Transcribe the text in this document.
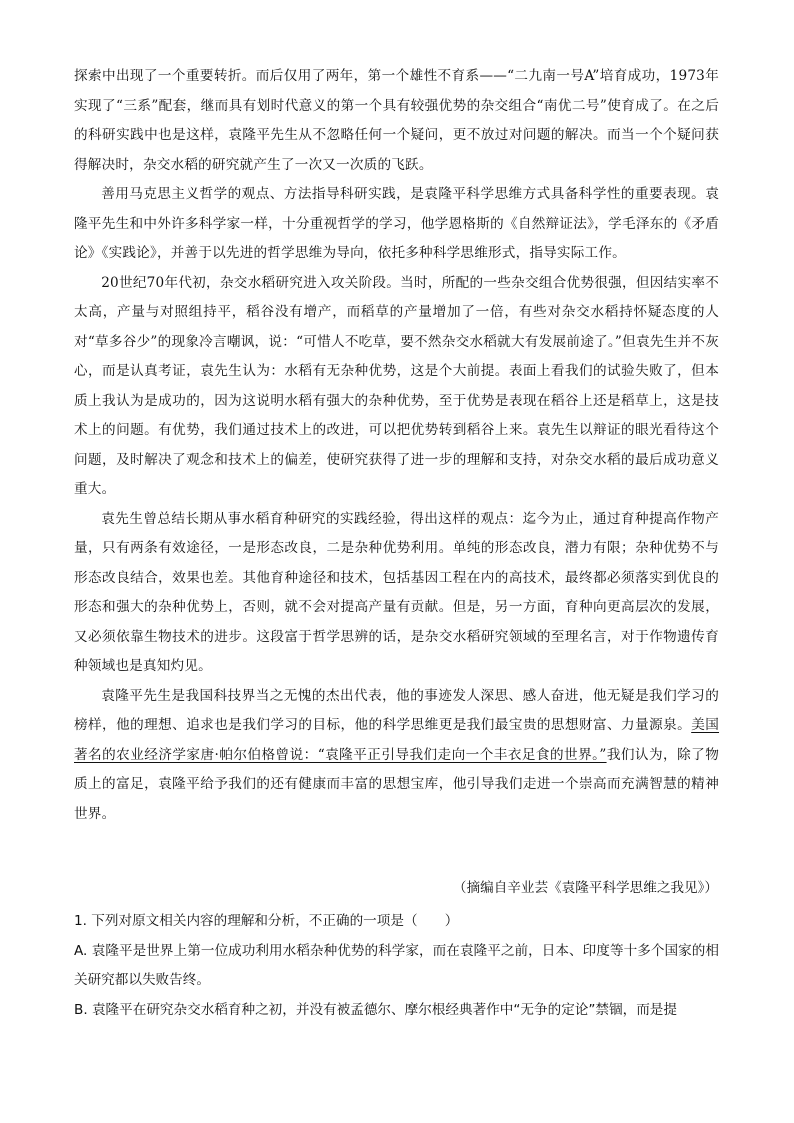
探索中出现了一个重要转折。而后仅用了两年，第一个雄性不育系——“二九南一号A”培育成功，1973年实现了“三系”配套，继而具有划时代意义的第一个具有较强优势的杂交组合“南优二号”使育成了。在之后的科研实践中也是这样，袁隆平先生从不忽略任何一个疑问，更不放过对问题的解决。而当一个个疑问获得解决时，杂交水稻的研究就产生了一次又一次质的飞跃。

善用马克思主义哲学的观点、方法指导科研实践，是袁隆平科学思维方式具备科学性的重要表现。袁隆平先生和中外许多科学家一样，十分重视哲学的学习，他学恩格斯的《自然辩证法》，学毛泽东的《矛盾论》《实践论》，并善于以先进的哲学思维为导向，依托多种科学思维形式，指导实际工作。

20世纪70年代初，杂交水稻研究进入攻关阶段。当时，所配的一些杂交组合优势很强，但因结实率不太高，产量与对照组持平，稻谷没有增产，而稻草的产量增加了一倍，有些对杂交水稻持怀疑态度的人对“草多谷少”的现象冷言嘲讽，说：“可惜人不吃草，要不然杂交水稻就大有发展前途了。”但袁先生并不灰心，而是认真考证，袁先生认为：水稻有无杂种优势，这是个大前提。表面上看我们的试验失败了，但本质上我认为是成功的，因为这说明水稻有强大的杂种优势，至于优势是表现在稻谷上还是稻草上，这是技术上的问题。有优势，我们通过技术上的改进，可以把优势转到稻谷上来。袁先生以辩证的眼光看待这个问题，及时解决了观念和技术上的偏差，使研究获得了进一步的理解和支持，对杂交水稻的最后成功意义重大。

袁先生曾总结长期从事水稻育种研究的实践经验，得出这样的观点：迄今为止，通过育种提高作物产量，只有两条有效途径，一是形态改良，二是杂种优势利用。单纯的形态改良，潜力有限；杂种优势不与形态改良结合，效果也差。其他育种途径和技术，包括基因工程在内的高技术，最终都必须落实到优良的形态和强大的杂种优势上，否则，就不会对提高产量有贡献。但是，另一方面，育种向更高层次的发展，又必须依靠生物技术的进步。这段富于哲学思辨的话，是杂交水稻研究领域的至理名言，对于作物遗传育种领域也是真知灼见。

袁隆平先生是我国科技界当之无愧的杰出代表，他的事迹发人深思、感人奋进，他无疑是我们学习的榜样，他的理想、追求也是我们学习的目标，他的科学思维更是我们最宝贵的思想财富、力量源泉。美国著名的农业经济学家唐·帕尔伯格曾说：“袁隆平正引导我们走向一个丰衣足食的世界。”我们认为，除了物质上的富足，袁隆平给予我们的还有健康而丰富的思想宝库，他引导我们走进一个崇高而充满智慧的精神世界。

（摘编自辛业芸《袁隆平科学思维之我见》）

1. 下列对原文相关内容的理解和分析，不正确的一项是（　　）

A. 袁隆平是世界上第一位成功利用水稻杂种优势的科学家，而在袁隆平之前，日本、印度等十多个国家的相关研究都以失败告终。

B. 袁隆平在研究杂交水稻育种之初，并没有被孟德尔、摩尔根经典著作中“无争的定论”禁锢，而是提
